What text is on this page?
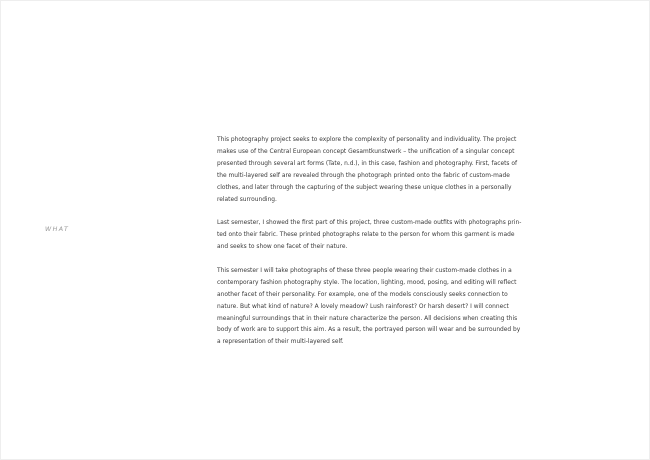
WHAT

This photography project seeks to explore the complexity of personality and individuality. The project
makes use of the Central European concept Gesamtkunstwerk – the unification of a singular concept
presented through several art forms (Tate, n.d.), in this case, fashion and photography. First, facets of
the multi-layered self are revealed through the photograph printed onto the fabric of custom-made
clothes, and later through the capturing of the subject wearing these unique clothes in a personally
related surrounding.

Last semester, I showed the first part of this project, three custom-made outfits with photographs prin-
ted onto their fabric. These printed photographs relate to the person for whom this garment is made
and seeks to show one facet of their nature.

This semester I will take photographs of these three people wearing their custom-made clothes in a
contemporary fashion photography style. The location, lighting, mood, posing, and editing will reflect
another facet of their personality. For example, one of the models consciously seeks connection to
nature. But what kind of nature? A lovely meadow? Lush rainforest? Or harsh desert? I will connect
meaningful surroundings that in their nature characterize the person. All decisions when creating this
body of work are to support this aim. As a result, the portrayed person will wear and be surrounded by
a representation of their multi-layered self.
